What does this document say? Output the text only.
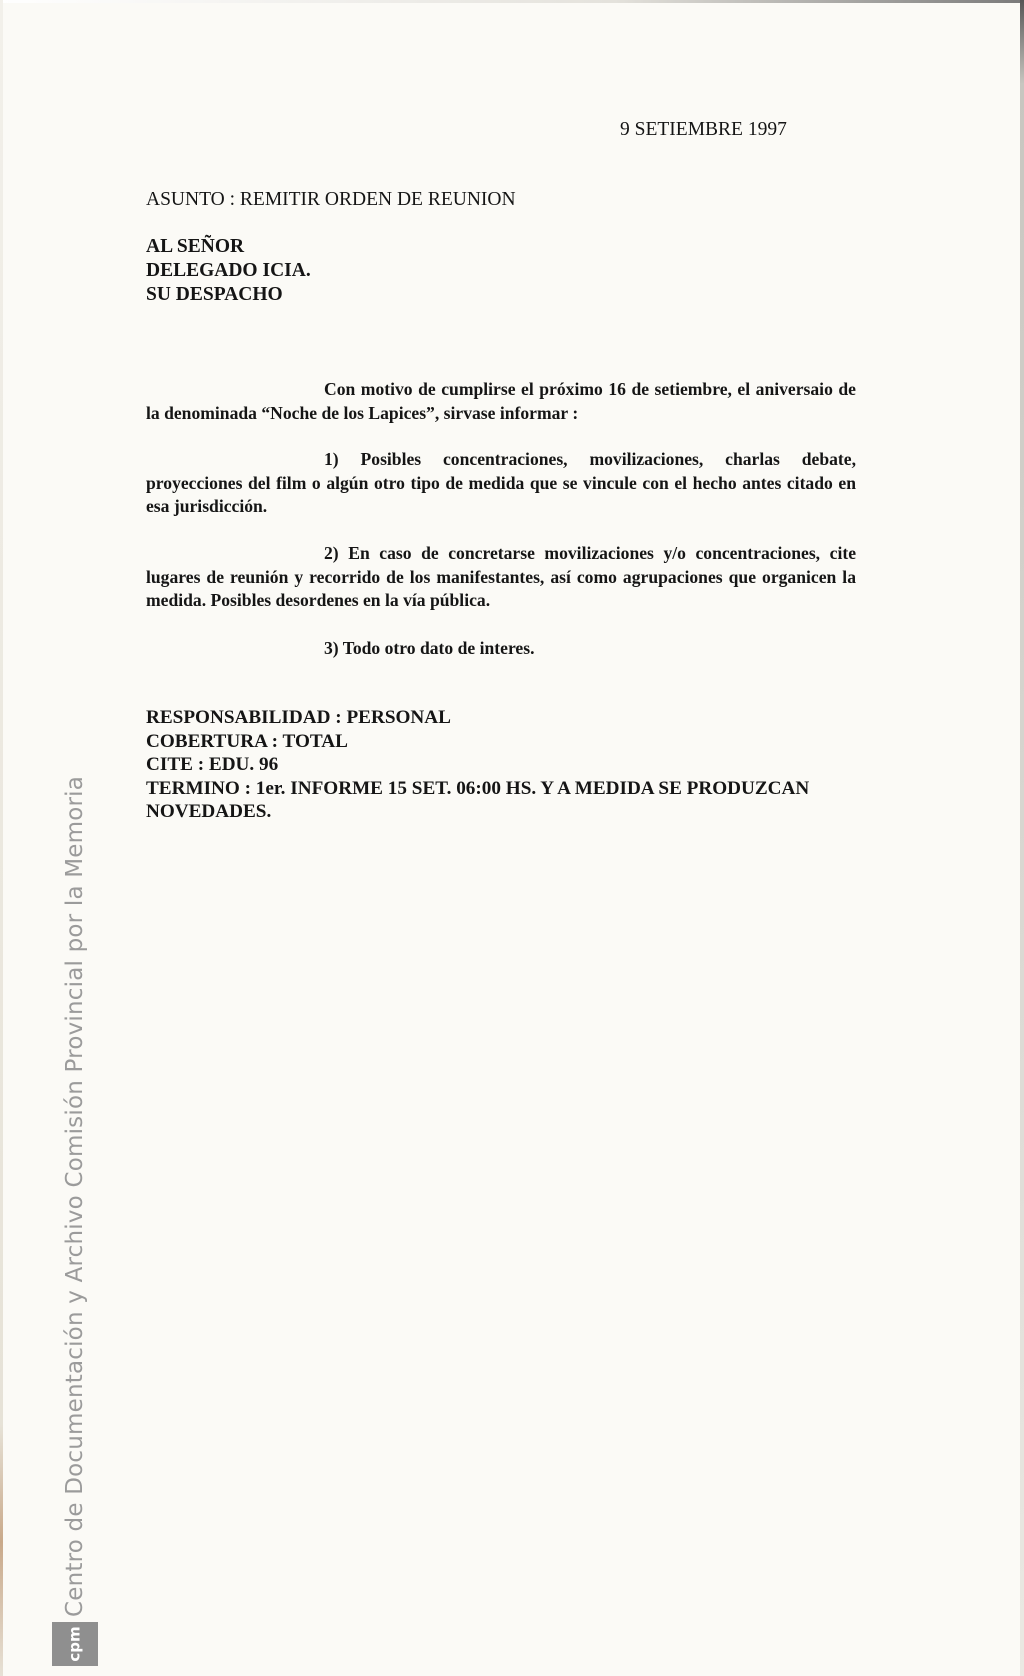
9 SETIEMBRE 1997
ASUNTO : REMITIR ORDEN DE REUNION
AL SEÑOR
DELEGADO ICIA.
SU DESPACHO
Con motivo de cumplirse el próximo 16 de setiembre, el aniversaio de la denominada “Noche de los Lapices”, sirvase informar :
1) Posibles concentraciones, movilizaciones, charlas debate, proyecciones del film o algún otro tipo de medida que se vincule con el hecho antes citado en esa jurisdicción.
2) En caso de concretarse movilizaciones y/o concentraciones, cite lugares de reunión y recorrido de los manifestantes, así como agrupaciones que organicen la medida. Posibles desordenes en la vía pública.
3) Todo otro dato de interes.
RESPONSABILIDAD : PERSONAL
COBERTURA : TOTAL
CITE : EDU. 96
TERMINO : 1er. INFORME 15 SET. 06:00 HS. Y A MEDIDA SE PRODUZCAN NOVEDADES.
Centro de Documentación y Archivo Comisión Provincial por la Memoria
cpm
